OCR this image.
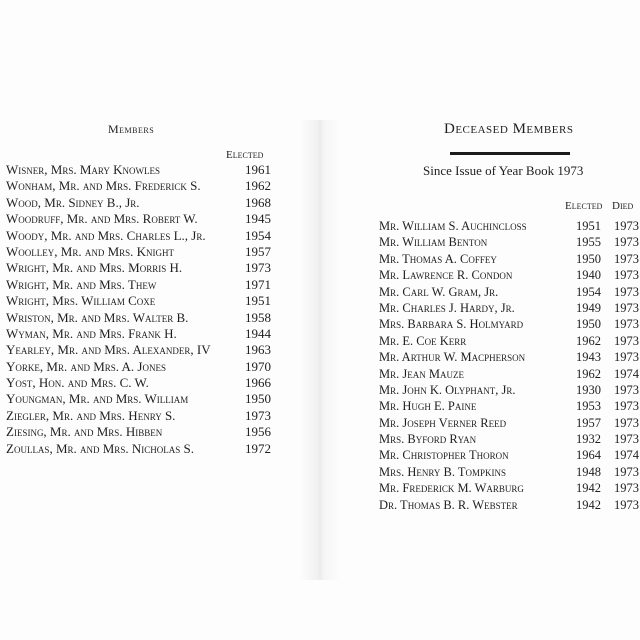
Members
Elected
Wisner, Mrs. Mary Knowles	1961
Wonham, Mr. and Mrs. Frederick S.	1962
Wood, Mr. Sidney B., Jr.	1968
Woodruff, Mr. and Mrs. Robert W.	1945
Woody, Mr. and Mrs. Charles L., Jr.	1954
Woolley, Mr. and Mrs. Knight	1957
Wright, Mr. and Mrs. Morris H.	1973
Wright, Mr. and Mrs. Thew	1971
Wright, Mrs. William Coxe	1951
Wriston, Mr. and Mrs. Walter B.	1958
Wyman, Mr. and Mrs. Frank H.	1944
Yearley, Mr. and Mrs. Alexander, IV	1963
Yorke, Mr. and Mrs. A. Jones	1970
Yost, Hon. and Mrs. C. W.	1966
Youngman, Mr. and Mrs. William	1950
Ziegler, Mr. and Mrs. Henry S.	1973
Ziesing, Mr. and Mrs. Hibben	1956
Zoullas, Mr. and Mrs. Nicholas S.	1972
Deceased Members
Since Issue of Year Book 1973
Elected Died
Mr. William S. Auchincloss	1951 1973
Mr. William Benton	1955 1973
Mr. Thomas A. Coffey	1950 1973
Mr. Lawrence R. Condon	1940 1973
Mr. Carl W. Gram, Jr.	1954 1973
Mr. Charles J. Hardy, Jr.	1949 1973
Mrs. Barbara S. Holmyard	1950 1973
Mr. E. Coe Kerr	1962 1973
Mr. Arthur W. Macpherson	1943 1973
Mr. Jean Mauze	1962 1974
Mr. John K. Olyphant, Jr.	1930 1973
Mr. Hugh E. Paine	1953 1973
Mr. Joseph Verner Reed	1957 1973
Mrs. Byford Ryan	1932 1973
Mr. Christopher Thoron	1964 1974
Mrs. Henry B. Tompkins	1948 1973
Mr. Frederick M. Warburg	1942 1973
Dr. Thomas B. R. Webster	1942 1973
